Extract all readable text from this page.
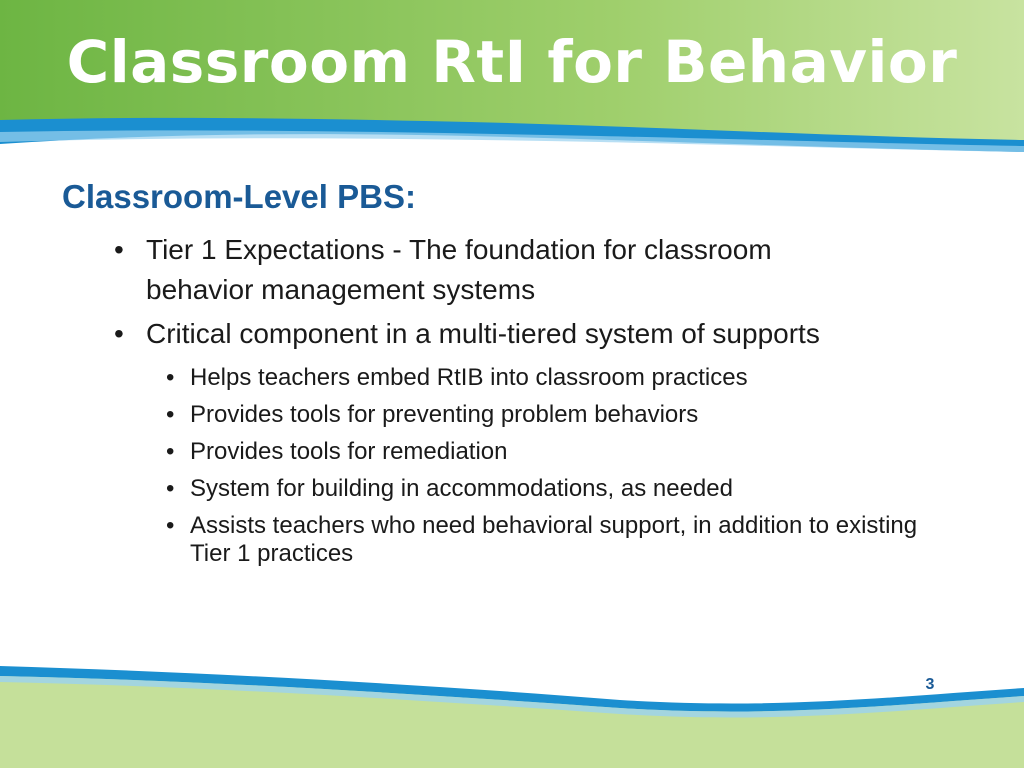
Classroom RtI for Behavior
Classroom-Level PBS:
• Tier 1 Expectations - The foundation for classroom behavior management systems
• Critical component in a multi-tiered system of supports
• Helps teachers embed RtIB into classroom practices
• Provides tools for preventing problem behaviors
• Provides tools for remediation
• System for building in accommodations, as needed
• Assists teachers who need behavioral support, in addition to existing Tier 1 practices
3
